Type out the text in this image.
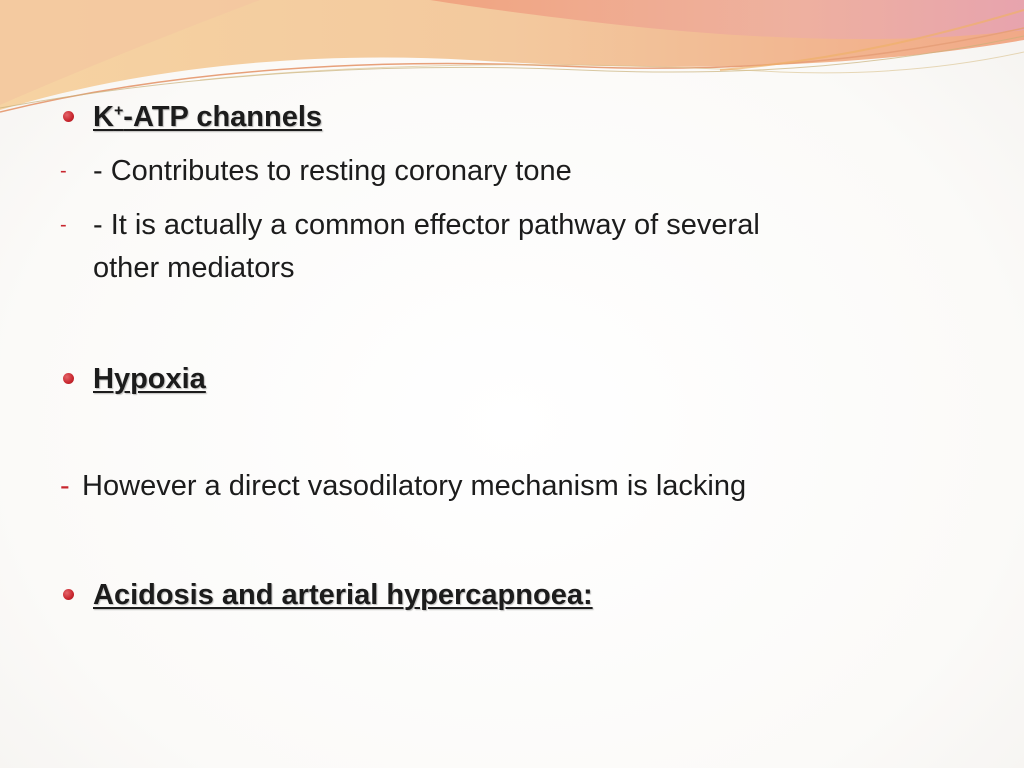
K+-ATP channels
- - Contributes to resting coronary tone
- - It is actually a common effector pathway of several
other mediators
Hypoxia
- However a direct vasodilatory mechanism is lacking
Acidosis and arterial hypercapnoea:
